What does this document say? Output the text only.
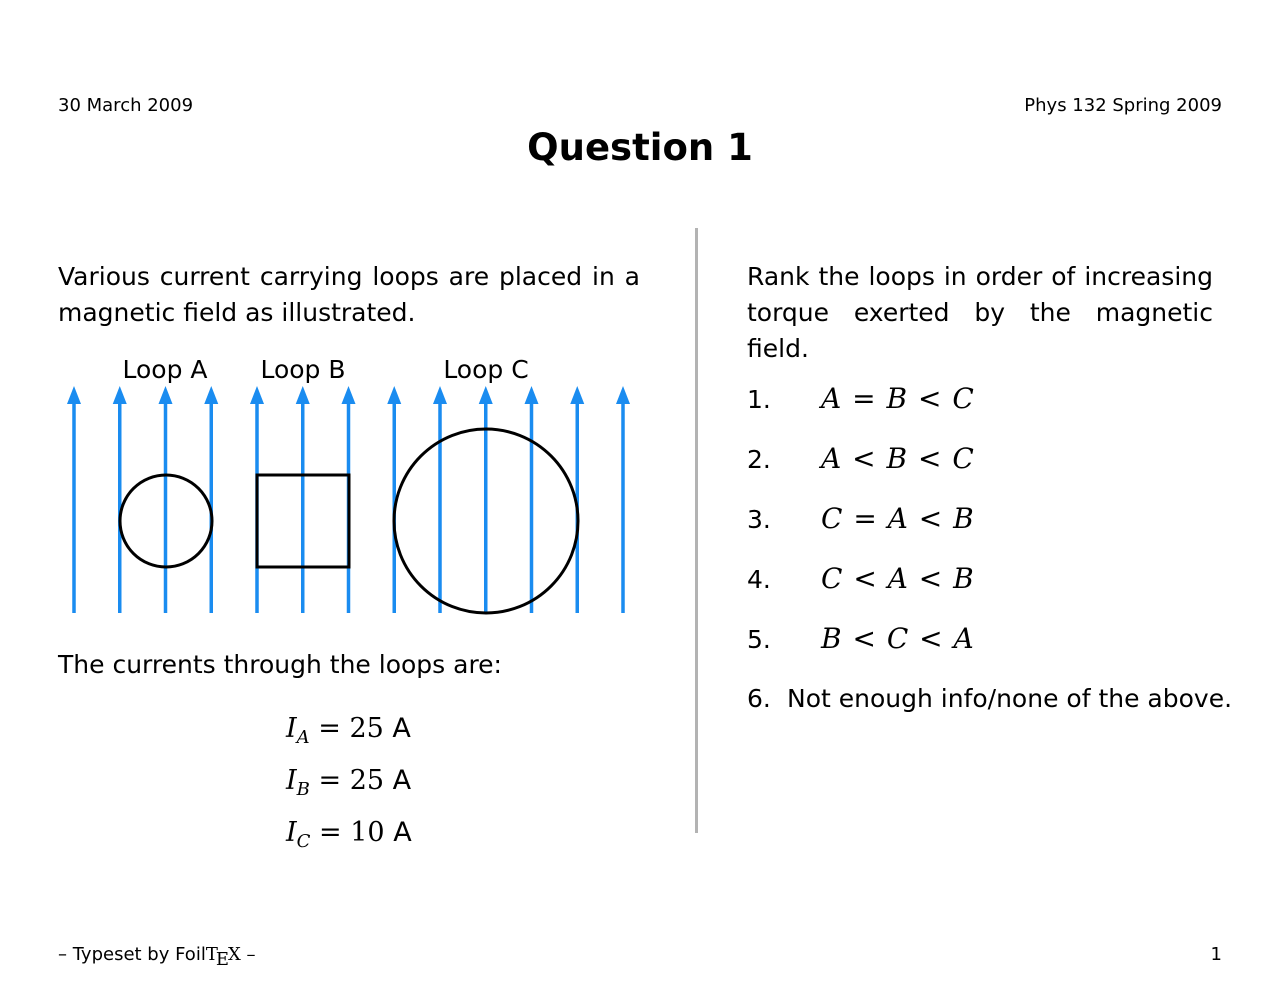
30 March 2009	Phys 132 Spring 2009
Question 1
Various current carrying loops are placed in a magnetic field as illustrated.
Loop A Loop B	Loop C
The currents through the loops are:
$I_A = 25$ A
$I_B = 25$ A
$I_C = 10$ A
Rank the loops in order of increasing torque exerted by the magnetic field.
1. A = B < C
2. A < B < C
3. C = A < B
4. C < A < B
5. B < C < A
6. Not enough info/none of the above.
– Typeset by FoilTEX –	1
